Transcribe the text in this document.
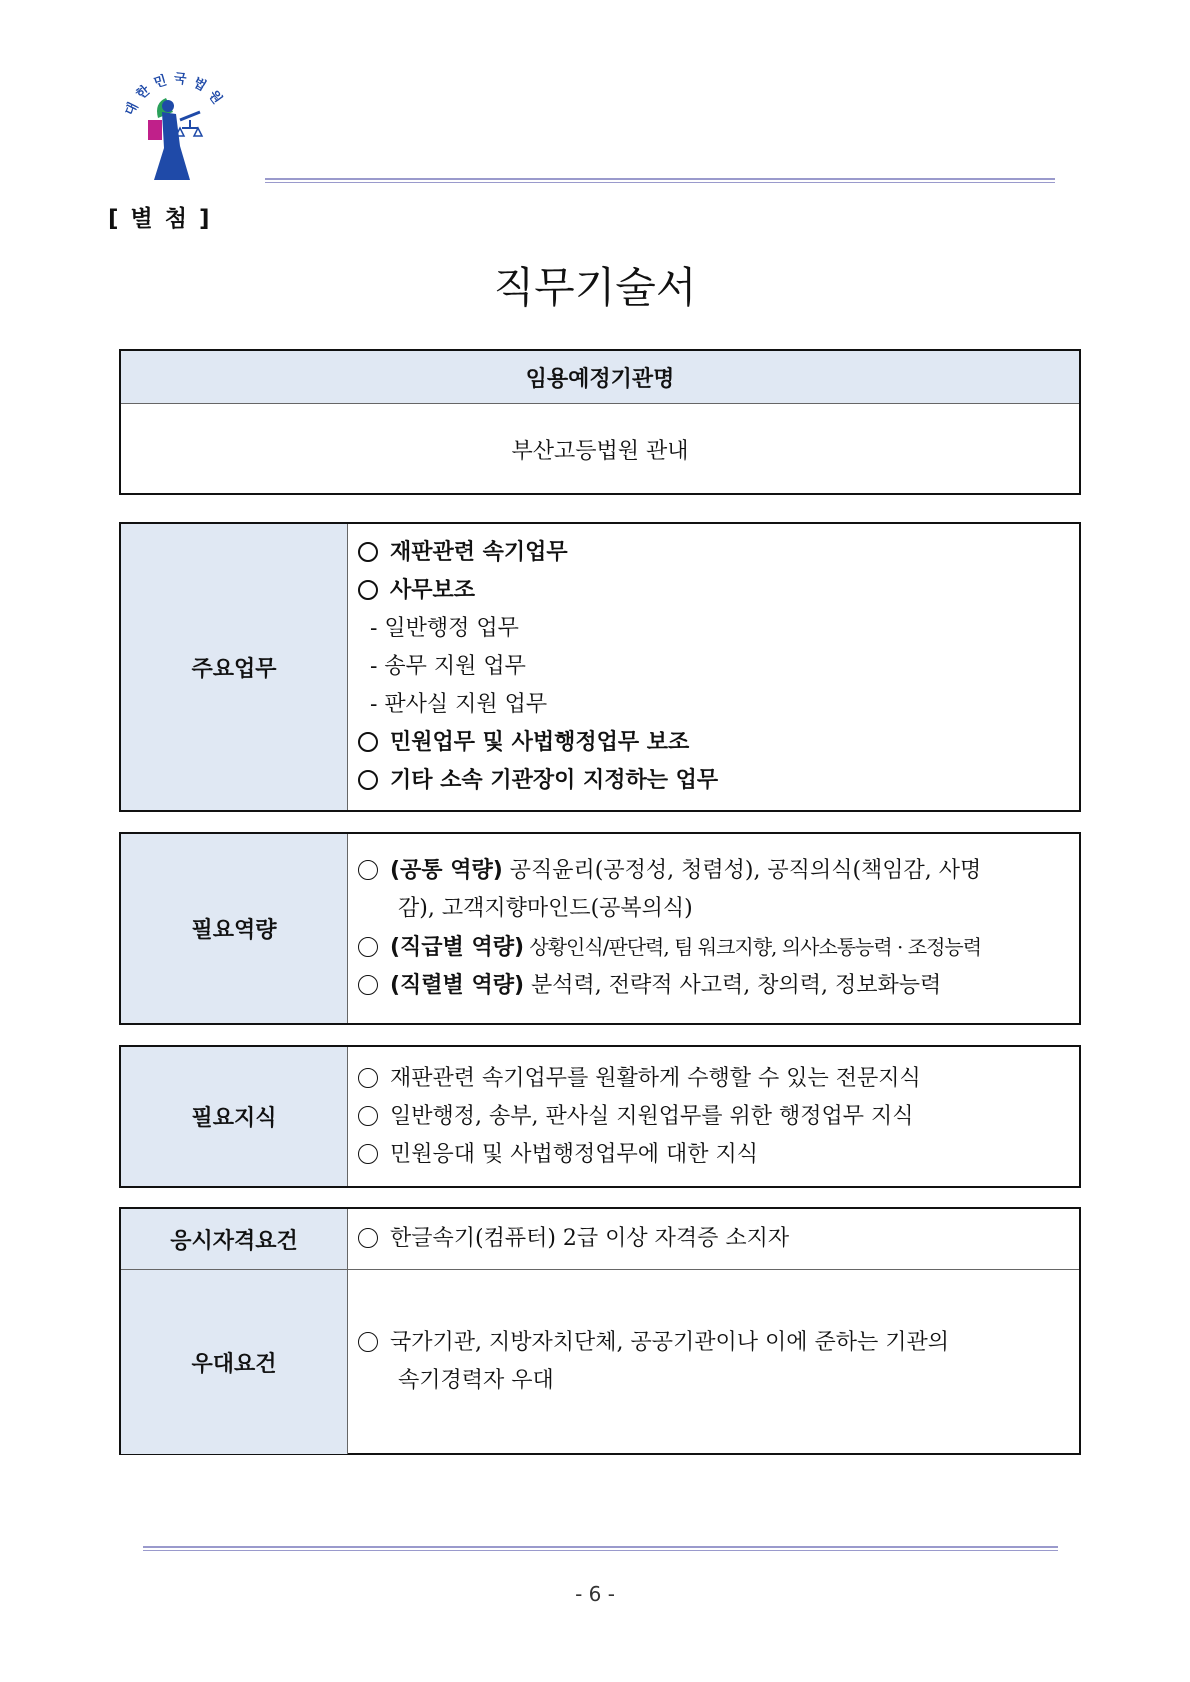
대한민국법원
[ 별 첨 ]
직무기술서
임용예정기관명
부산고등법원 관내
주요업무
재판관련 속기업무
사무보조
- 일반행정 업무
- 송무 지원 업무
- 판사실 지원 업무
민원업무 및 사법행정업무 보조
기타 소속 기관장이 지정하는 업무
필요역량
(공통 역량) 공직윤리(공정성, 청렴성), 공직의식(책임감, 사명
감), 고객지향마인드(공복의식)
(직급별 역량) 상황인식/판단력, 팀 워크지향, 의사소통능력 · 조정능력
(직렬별 역량) 분석력, 전략적 사고력, 창의력, 정보화능력
필요지식
재판관련 속기업무를 원활하게 수행할 수 있는 전문지식
일반행정, 송부, 판사실 지원업무를 위한 행정업무 지식
민원응대 및 사법행정업무에 대한 지식
응시자격요건	한글속기(컴퓨터) 2급 이상 자격증 소지자
우대요건
국가기관, 지방자치단체, 공공기관이나 이에 준하는 기관의
속기경력자 우대
- 6 -
